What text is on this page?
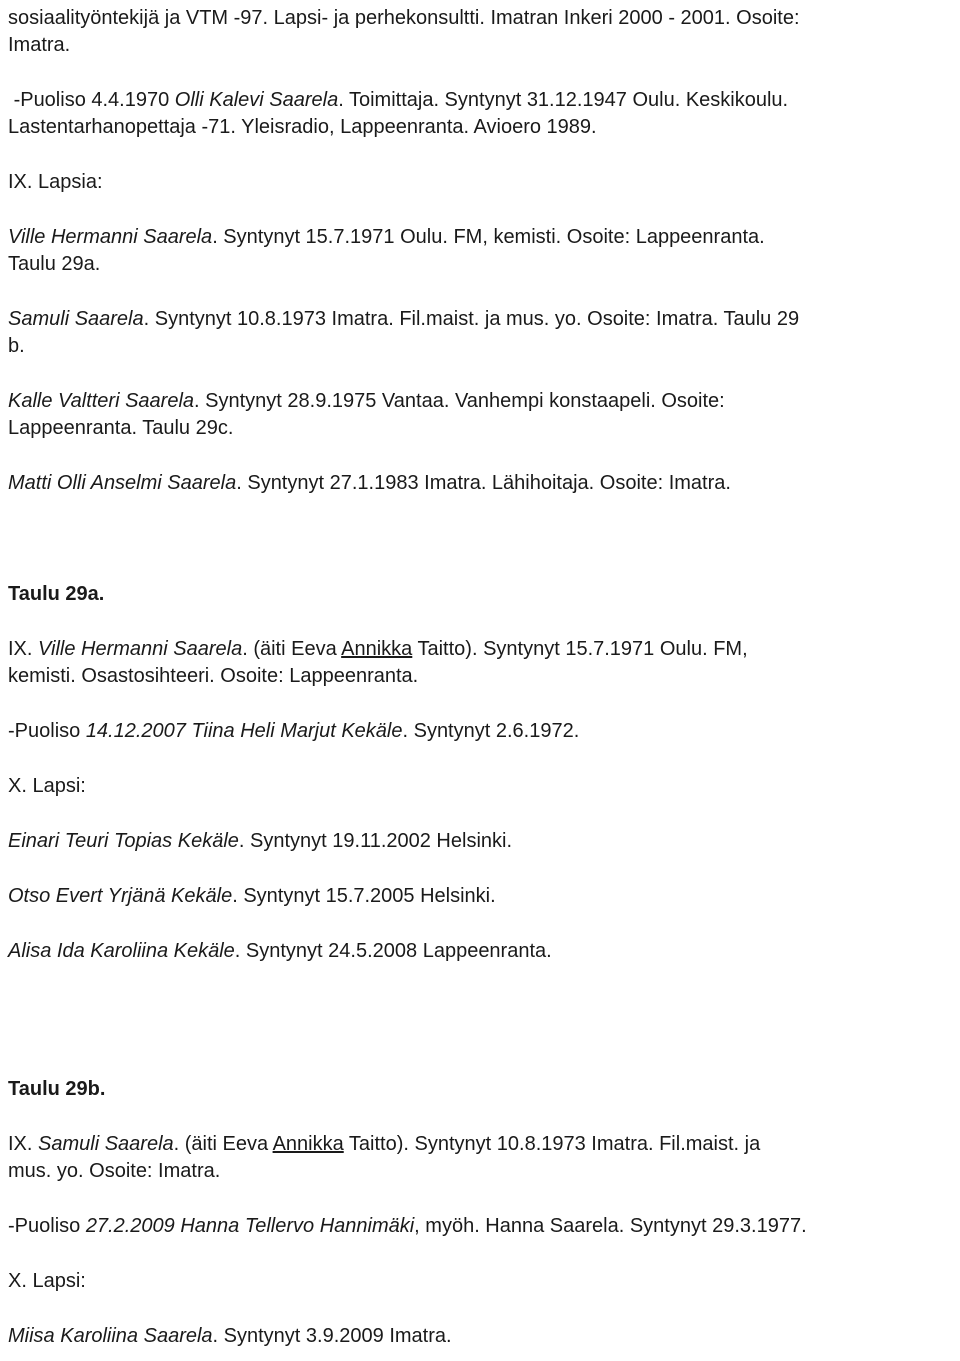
sosiaalityöntekijä ja VTM -97. Lapsi- ja perhekonsultti. Imatran Inkeri 2000 - 2001. Osoite:

Imatra.

-Puoliso 4.4.1970 Olli Kalevi Saarela. Toimittaja. Syntynyt 31.12.1947 Oulu. Keskikoulu.

Lastentarhanopettaja -71. Yleisradio, Lappeenranta. Avioero 1989.

IX. Lapsia:

Ville Hermanni Saarela. Syntynyt 15.7.1971 Oulu. FM, kemisti. Osoite: Lappeenranta.

Taulu 29a.

Samuli Saarela. Syntynyt 10.8.1973 Imatra. Fil.maist. ja mus. yo. Osoite: Imatra. Taulu 29

b.

Kalle Valtteri Saarela. Syntynyt 28.9.1975 Vantaa. Vanhempi konstaapeli. Osoite:

Lappeenranta. Taulu 29c.

Matti Olli Anselmi Saarela. Syntynyt 27.1.1983 Imatra. Lähihoitaja. Osoite: Imatra.

Taulu 29a.

IX. Ville Hermanni Saarela. (äiti Eeva Annikka Taitto). Syntynyt 15.7.1971 Oulu. FM,

kemisti. Osastosihteeri. Osoite: Lappeenranta.

-Puoliso 14.12.2007 Tiina Heli Marjut Kekäle. Syntynyt 2.6.1972.

X. Lapsi:

Einari Teuri Topias Kekäle. Syntynyt 19.11.2002 Helsinki.

Otso Evert Yrjänä Kekäle. Syntynyt 15.7.2005 Helsinki.

Alisa Ida Karoliina Kekäle. Syntynyt 24.5.2008 Lappeenranta.

Taulu 29b.

IX. Samuli Saarela. (äiti Eeva Annikka Taitto). Syntynyt 10.8.1973 Imatra. Fil.maist. ja

mus. yo. Osoite: Imatra.

-Puoliso 27.2.2009 Hanna Tellervo Hannimäki, myöh. Hanna Saarela. Syntynyt 29.3.1977.

X. Lapsi:

Miisa Karoliina Saarela. Syntynyt 3.9.2009 Imatra.
